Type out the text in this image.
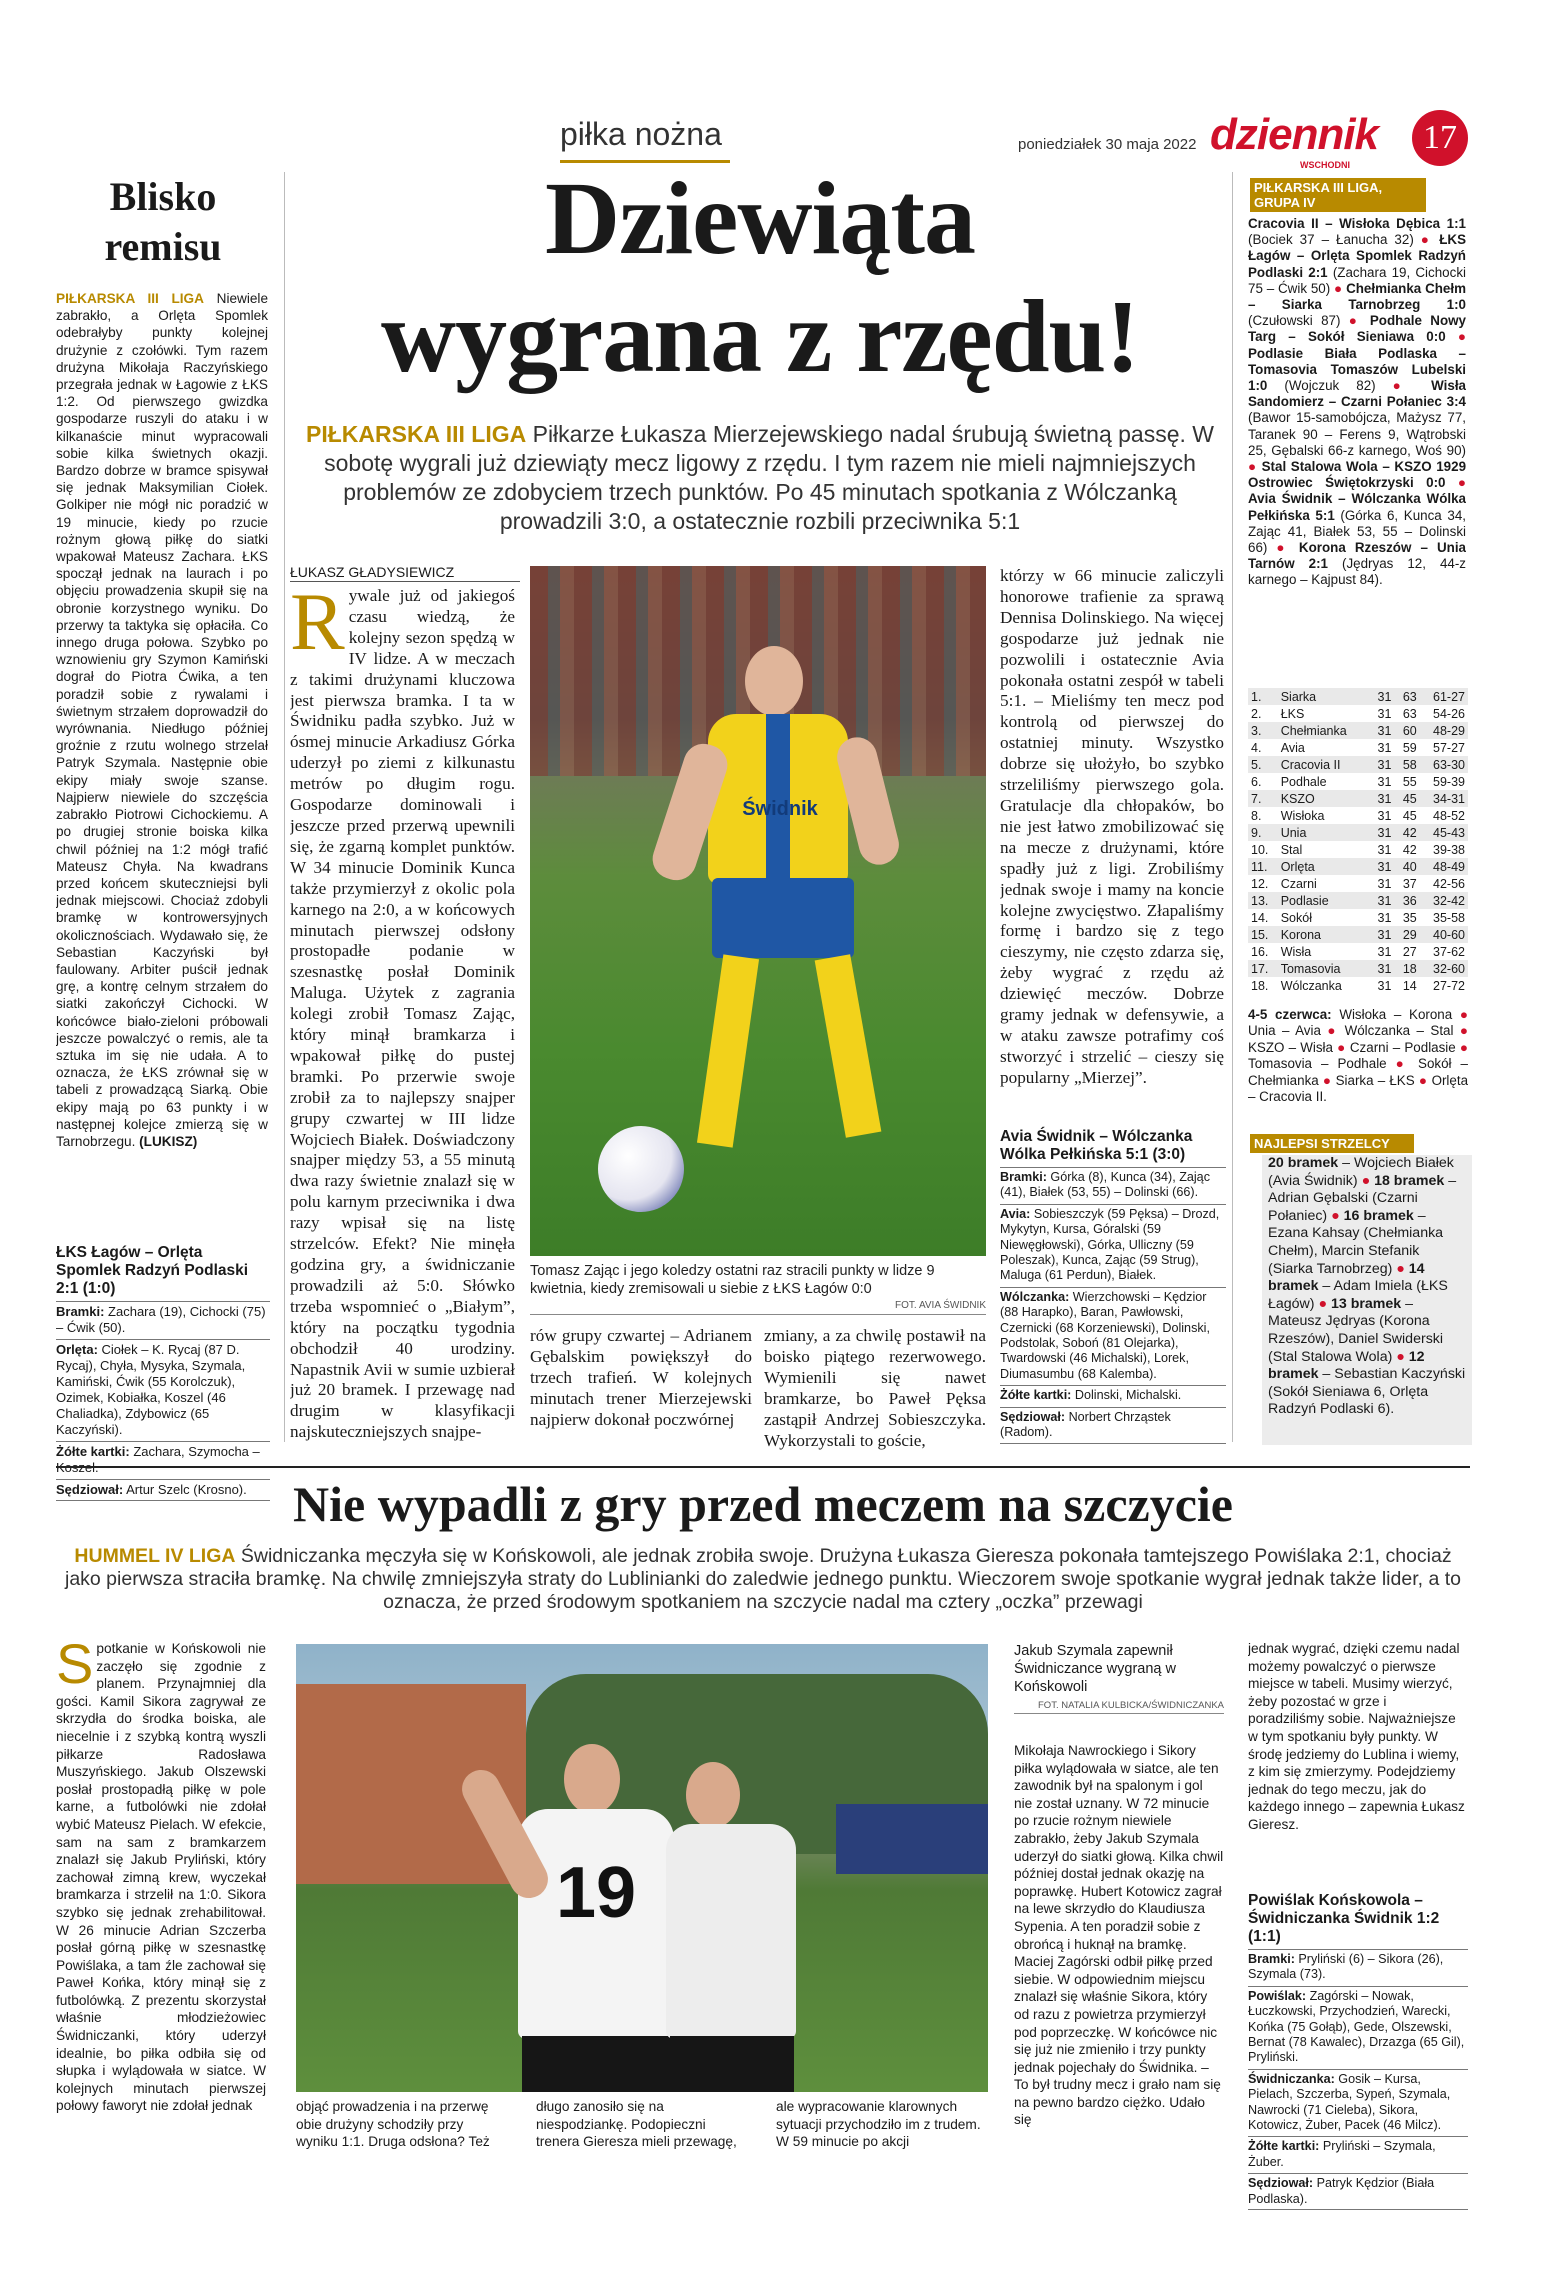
piłka nożna	poniedziałek 30 maja 2022 dziennik
WSCHODNI
17
Blisko
remisu

PIŁKARSKA III LIGA Niewiele zabrakło, a Orlęta Spomlek odebrałyby punkty kolejnej drużynie z czołówki. Tym razem drużyna Mikołaja Raczyńskiego przegrała jednak w Łagowie z ŁKS 1:2. Od pierwszego gwizdka gospodarze ruszyli do ataku i w kilkanaście minut wypracowali sobie kilka świetnych okazji. Bardzo dobrze w bramce spisywał się jednak Maksymilian Ciołek. Golkiper nie mógł nic poradzić w 19 minucie, kiedy po rzucie rożnym głową piłkę do siatki wpakował Mateusz Zachara. ŁKS spoczął jednak na laurach i po objęciu prowadzenia skupił się na obronie korzystnego wyniku. Do przerwy ta taktyka się opłaciła. Co innego druga połowa. Szybko po wznowieniu gry Szymon Kamiński dograł do Piotra Ćwika, a ten poradził sobie z rywalami i świetnym strzałem doprowadził do wyrównania. Niedługo później groźnie z rzutu wolnego strzelał Patryk Szymala. Następnie obie ekipy miały swoje szanse. Najpierw niewiele do szczęścia zabrakło Piotrowi Cichockiemu. A po drugiej stronie boiska kilka chwil później na 1:2 mógł trafić Mateusz Chyła. Na kwadrans przed końcem skuteczniejsi byli jednak miejscowi. Chociaż zdobyli bramkę w kontrowersyjnych okolicznościach. Wydawało się, że Sebastian Kaczyński był faulowany. Arbiter puścił jednak grę, a kontrę celnym strzałem do siatki zakończył Cichocki. W końcówce biało-zieloni próbowali jeszcze powalczyć o remis, ale ta sztuka im się nie udała. A to oznacza, że ŁKS zrównał się w tabeli z prowadzącą Siarką. Obie ekipy mają po 63 punkty i w następnej kolejce zmierzą się w Tarnobrzegu. (LUKISZ)

ŁKS Łagów – Orlęta Spomlek Radzyń Podlaski 2:1 (1:0)
Bramki: Zachara (19), Cichocki (75) – Ćwik (50).
Orlęta: Ciołek – K. Rycaj (87 D. Rycaj), Chyła, Mysyka, Szymala, Kamiński, Ćwik (55 Korolczuk), Ozimek, Kobiałka, Koszel (46 Chaliadka), Zdybowicz (65 Kaczyński).
Żółte kartki: Zachara, Szymocha –
Sędziował: Artur Szelc (Krosno).
Dziewiąta
wygrana z rzędu!
PIŁKARSKA III LIGA Piłkarze Łukasza Mierzejewskiego nadal śrubują świetną passę. W sobotę wygrali już dziewiąty mecz ligowy z rzędu. I tym razem nie mieli najmniejszych problemów ze zdobyciem trzech punktów. Po 45 minutach spotkania z Wólczanką prowadzili 3:0, a ostatecznie rozbili przeciwnika 5:1
ŁUKASZ GŁADYSIEWICZ

Rywale już od jakiegoś czasu wiedzą, że kolejny sezon spędzą w IV lidze. A w meczach z takimi drużynami kluczowa jest pierwsza bramka. I ta w Świdniku padła szybko. Już w ósmej minucie Arkadiusz Górka uderzył po ziemi z kilkunastu metrów po długim rogu. Gospodarze dominowali i jeszcze przed przerwą upewnili się, że zgarną komplet punktów. W 34 minucie Dominik Kunca także przymierzył z okolic pola karnego na 2:0, a w końcowych minutach pierwszej odsłony prostopadłe podanie w szesnastkę posłał Dominik Maluga. Użytek z zagrania kolegi zrobił Tomasz Zając, który minął bramkarza i wpakował piłkę do pustej bramki. Po przerwie swoje zrobił za to najlepszy snajper grupy czwartej w III lidze Wojciech Białek. Doświadczony snajper między 53, a 55 minutą dwa razy świetnie znalazł się w polu karnym przeciwnika i dwa razy wpisał się na listę strzelców. Efekt? Nie minęła godzina gry, a świdniczanie prowadzili aż 5:0. Słówko trzeba wspomnieć o „Białym”, który na początku tygodnia obchodził 40 urodziny. Napastnik Avii w sumie uzbierał już 20 bramek. I przewagę nad drugim w klasyfikacji najskuteczniejszych snajpe-

Świdnik
Tomasz Zając i jego koledzy ostatni raz stracili punkty w lidze 9 kwietnia, kiedy zremisowali u siebie z ŁKS Łagów 0:0
FOT. AVIA ŚWIDNIK

rów grupy czwartej – Adrianem Gębalskim powiększył do trzech trafień. W kolejnych minutach trener Mierzejewski najpierw dokonał poczwórnej

zmiany, a za chwilę postawił na boisko piątego rezerwowego. Wymienili się nawet bramkarze, bo Paweł Pęksa zastąpił Andrzej Sobieszczyka. Wykorzystali to goście,

którzy w 66 minucie zaliczyli honorowe trafienie za sprawą Dennisa Dolinskiego. Na więcej gospodarze już jednak nie pozwolili i ostatecznie Avia pokonała ostatni zespół w tabeli 5:1. – Mieliśmy ten mecz pod kontrolą od pierwszej do ostatniej minuty. Wszystko dobrze się ułożyło, bo szybko strzeliliśmy pierwszego gola. Gratulacje dla chłopaków, bo nie jest łatwo zmobilizować się na mecze z drużynami, które spadły już z ligi. Zrobiliśmy jednak swoje i mamy na koncie kolejne zwycięstwo. Złapaliśmy formę i bardzo się z tego cieszymy, nie często zdarza się, żeby wygrać z rzędu aż dziewięć meczów. Dobrze gramy jednak w defensywie, a w ataku zawsze potrafimy coś stworzyć i strzelić – cieszy się popularny „Mierzej”.

Avia Świdnik – Wólczanka Wólka Pełkińska 5:1 (3:0)
Bramki: Górka (8), Kunca (34), Zając (41), Białek (53, 55) – Dolinski (66).
Avia: Sobieszczyk (59 Pęksa) – Drozd, Mykytyn, Kursa, Góralski (59 Niewęgłowski), Górka, Ulliczny (59 Poleszak), Kunca, Zając (59 Strug), Maluga (61 Perdun), Białek.
Wólczanka: Wierzchowski – Kędzior (88 Harapko), Baran, Pawłowski, Czernicki (68 Korzeniewski), Dolinski, Podstolak, Soboń (81 Olejarka), Twardowski (46 Michalski), Lorek, Diumasumbu (68 Kalemba).
Żółte kartki: Dolinski, Michalski.
Sędziował: Norbert Chrząstek (Radom).
PIŁKARSKA III LIGA, GRUPA IV

Cracovia II – Wisłoka Dębica 1:1 (Bociek 37 – Łanucha 32) ● ŁKS Łagów – Orlęta Spomlek Radzyń Podlaski 2:1 (Zachara 19, Cichocki 75 – Ćwik 50) ● Chełmianka Chełm – Siarka Tarnobrzeg 1:0 (Czułowski 87) ● Podhale Nowy Targ – Sokół Sieniawa 0:0 ● Podlasie Biała Podlaska – Tomasovia Tomaszów Lubelski 1:0 (Wojczuk 82) ● Wisła Sandomierz – Czarni Połaniec 3:4 (Bawor 15-samobójcza, Mażysz 77, Taranek 90 – Ferens 9, Wątrobski 25, Gębalski 66-z karnego, Woś 90) ● Stal Stalowa Wola – KSZO 1929 Ostrowiec Świętokrzyski 0:0 ● Avia Świdnik – Wólczanka Wólka Pełkińska 5:1 (Górka 6, Kunca 34, Zając 41, Białek 53, 55 – Dolinski 66) ● Korona Rzeszów – Unia Tarnów 2:1 (Jędryas 12, 44-z karnego – Kajpust 84).

1.	Siarka	31	63	61-27
2.	ŁKS	31	63	54-26
3.	Chełmianka	31	60	48-29
4.	Avia	31	59	57-27
5.	Cracovia II	31	58	63-30
6.	Podhale	31	55	59-39
7.	KSZO	31	45	34-31
8.	Wisłoka	31	45	48-52
9.	Unia	31	42	45-43
10.	Stal	31	42	39-38
11.	Orlęta	31	40	48-49
12.	Czarni	31	37	42-56
13.	Podlasie	31	36	32-42
14.	Sokół	31	35	35-58
15.	Korona	31	29	40-60
16.	Wisła	31	27	37-62
17.	Tomasovia	31	18	32-60
18.	Wólczanka	31	14	27-72

4-5 czerwca: Wisłoka – Korona ● Unia – Avia ● Wólczanka – Stal ● KSZO – Wisła ● Czarni – Podlasie ● Tomasovia – Podhale ● Sokół – Chełmianka ● Siarka – ŁKS ● Orlęta – Cracovia II.

NAJLEPSI STRZELCY

20 bramek – Wojciech Białek (Avia Świdnik) ● 18 bramek – Adrian Gębalski (Czarni Połaniec) ● 16 bramek – Ezana Kahsay (Chełmianka Chełm), Marcin Stefanik (Siarka Tarnobrzeg) ● 14 bramek – Adam Imiela (ŁKS Łagów) ● 13 bramek – Mateusz Jędryas (Korona Rzeszów), Daniel Swiderski (Stal Stalowa Wola) ● 12 bramek – Sebastian Kaczyński (Sokół Sieniawa 6, Orlęta Radzyń Podlaski 6).

Nie wypadli z gry przed meczem na szczycie
HUMMEL IV LIGA Świdniczanka męczyła się w Końskowoli, ale jednak zrobiła swoje. Drużyna Łukasza Gieresza pokonała tamtejszego Powiślaka 2:1, chociaż jako pierwsza straciła bramkę. Na chwilę zmniejszyła straty do Lublinianki do zaledwie jednego punktu. Wieczorem swoje spotkanie wygrał jednak także lider, a to oznacza, że przed środowym spotkaniem na szczycie nadal ma cztery „oczka” przewagi

Spotkanie w Końskowoli nie zaczęło się zgodnie z planem. Przynajmniej dla gości. Kamil Sikora zagrywał ze skrzydła do środka boiska, ale niecelnie i z szybką kontrą wyszli piłkarze Radosława Muszyńskiego. Jakub Olszewski posłał prostopadłą piłkę w pole karne, a futbolówki nie zdołał wybić Mateusz Pielach. W efekcie, sam na sam z bramkarzem znalazł się Jakub Pryliński, który zachował zimną krew, wyczekał bramkarza i strzelił na 1:0. Sikora szybko się jednak zrehabilitował. W 26 minucie Adrian Szczerba posłał górną piłkę w szesnastkę Powiślaka, a tam źle zachował się Paweł Końka, który minął się z futbolówką. Z prezentu skorzystał właśnie młodzieżowiec Świdniczanki, który uderzył idealnie, bo piłka odbiła się od słupka i wylądowała w siatce. W kolejnych minutach pierwszej połowy faworyt nie zdołał jednak

19

objąć prowadzenia i na przerwę obie drużyny schodziły przy wyniku 1:1. Druga odsłona? Też

długo zanosiło się na niespodziankę. Podopieczni trenera Gieresza mieli przewagę,

ale wypracowanie klarownych sytuacji przychodziło im z trudem. W 59 minucie po akcji

Jakub Szymala zapewnił Świdniczance wygraną w Końskowoli
FOT. NATALIA KULBICKA/ŚWIDNICZANKA

Mikołaja Nawrockiego i Sikory piłka wylądowała w siatce, ale ten zawodnik był na spalonym i gol nie został uznany. W 72 minucie po rzucie rożnym niewiele zabrakło, żeby Jakub Szymala uderzył do siatki głową. Kilka chwil później dostał jednak okazję na poprawkę. Hubert Kotowicz zagrał na lewe skrzydło do Klaudiusza Sypenia. A ten poradził sobie z obrońcą i huknął na bramkę. Maciej Zagórski odbił piłkę przed siebie. W odpowiednim miejscu znalazł się właśnie Sikora, który od razu z powietrza przymierzył pod poprzeczkę. W końcówce nic się już nie zmieniło i trzy punkty jednak pojechały do Świdnika. – To był trudny mecz i grało nam się na pewno bardzo ciężko. Udało się

jednak wygrać, dzięki czemu nadal możemy powalczyć o pierwsze miejsce w tabeli. Musimy wierzyć, żeby pozostać w grze i poradziliśmy sobie. Najważniejsze w tym spotkaniu były punkty. W środę jedziemy do Lublina i wiemy, z kim się zmierzymy. Podejdziemy jednak do tego meczu, jak do każdego innego – zapewnia Łukasz Gieresz.

Powiślak Końskowola – Świdniczanka Świdnik 1:2 (1:1)
Bramki: Pryliński (6) – Sikora (26), Szymala (73).
Powiślak: Zagórski – Nowak, Łuczkowski, Przychodzień, Warecki, Końka (75 Gołąb), Gede, Olszewski, Bernat (78 Kawalec), Drzazga (65 Gil), Pryliński.
Świdniczanka: Gosik – Kursa, Pielach, Szczerba, Sypeń, Szymala, Nawrocki (71 Cieleba), Sikora, Kotowicz, Żuber, Pacek (46 Milcz).
Żółte kartki: Pryliński – Szymala, Żuber.
Sędziował: Patryk Kędzior (Biała Podlaska).
